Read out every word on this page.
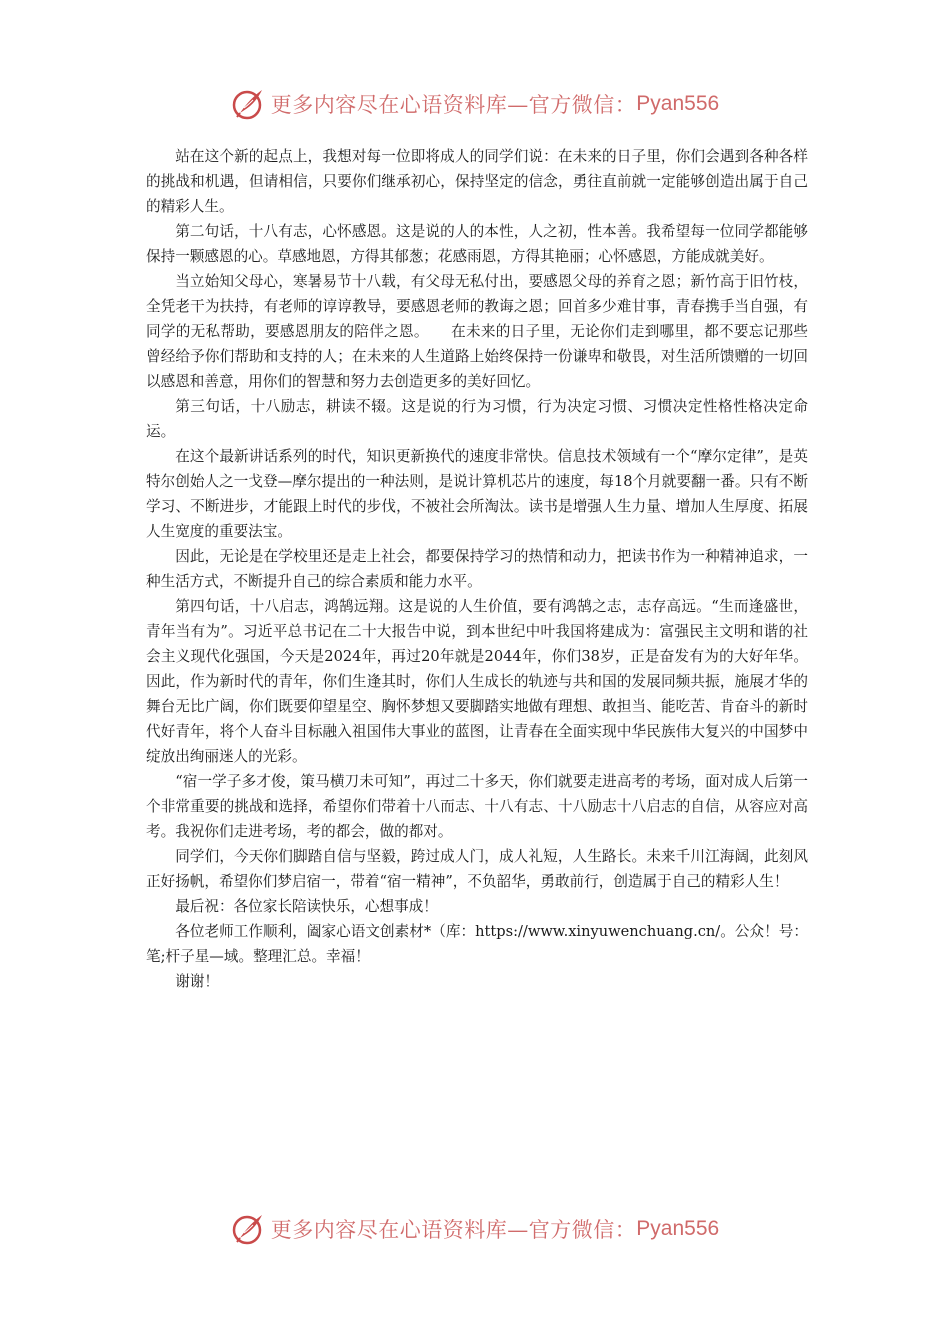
更多内容尽在心语资料库—官方微信： Pyan556

站在这个新的起点上，我想对每一位即将成人的同学们说：在未来的日子里，你们会遇到各种各样的挑战和机遇，但请相信，只要你们继承初心，保持坚定的信念，勇往直前就一定能够创造出属于自己的精彩人生。

第二句话，十八有志，心怀感恩。这是说的人的本性，人之初，性本善。我希望每一位同学都能够保持一颗感恩的心。草感地恩，方得其郁葱；花感雨恩，方得其艳丽；心怀感恩，方能成就美好。

当立始知父母心，寒暑易节十八载，有父母无私付出，要感恩父母的养育之恩；新竹高于旧竹枝，全凭老干为扶持，有老师的谆谆教导，要感恩老师的教诲之恩；回首多少难甘事，青春携手当自强，有同学的无私帮助，要感恩朋友的陪伴之恩。　　在未来的日子里，无论你们走到哪里，都不要忘记那些曾经给予你们帮助和支持的人；在未来的人生道路上始终保持一份谦卑和敬畏，对生活所馈赠的一切回以感恩和善意，用你们的智慧和努力去创造更多的美好回忆。

第三句话，十八励志，耕读不辍。这是说的行为习惯，行为决定习惯、习惯决定性格性格决定命运。

在这个最新讲话系列的时代，知识更新换代的速度非常快。信息技术领域有一个“摩尔定律”，是英特尔创始人之一戈登—摩尔提出的一种法则，是说计算机芯片的速度，每18个月就要翻一番。只有不断学习、不断进步，才能跟上时代的步伐，不被社会所淘汰。读书是增强人生力量、增加人生厚度、拓展人生宽度的重要法宝。

因此，无论是在学校里还是走上社会，都要保持学习的热情和动力，把读书作为一种精神追求，一种生活方式，不断提升自己的综合素质和能力水平。

第四句话，十八启志，鸿鹄远翔。这是说的人生价值，要有鸿鹄之志，志存高远。“生而逢盛世，青年当有为”。习近平总书记在二十大报告中说，到本世纪中叶我国将建成为：富强民主文明和谐的社会主义现代化强国，今天是2024年，再过20年就是2044年，你们38岁，正是奋发有为的大好年华。因此，作为新时代的青年，你们生逢其时，你们人生成长的轨迹与共和国的发展同频共振，施展才华的舞台无比广阔，你们既要仰望星空、胸怀梦想又要脚踏实地做有理想、敢担当、能吃苦、肯奋斗的新时代好青年，将个人奋斗目标融入祖国伟大事业的蓝图，让青春在全面实现中华民族伟大复兴的中国梦中绽放出绚丽迷人的光彩。

“宿一学子多才俊，策马横刀未可知”，再过二十多天，你们就要走进高考的考场，面对成人后第一个非常重要的挑战和选择，希望你们带着十八而志、十八有志、十八励志十八启志的自信，从容应对高考。我祝你们走进考场，考的都会，做的都对。

同学们，今天你们脚踏自信与坚毅，跨过成人门，成人礼短，人生路长。未来千川江海阔，此刻风正好扬帆，希望你们梦启宿一，带着“宿一精神”，不负韶华，勇敢前行，创造属于自己的精彩人生！

最后祝：各位家长陪读快乐，心想事成！

各位老师工作顺利，阖家心语文创素材*（库：https://www.xinyuwenchuang.cn/。公众！号：笔;杆子星—域。整理汇总。幸福！

谢谢！

更多内容尽在心语资料库—官方微信： Pyan556
